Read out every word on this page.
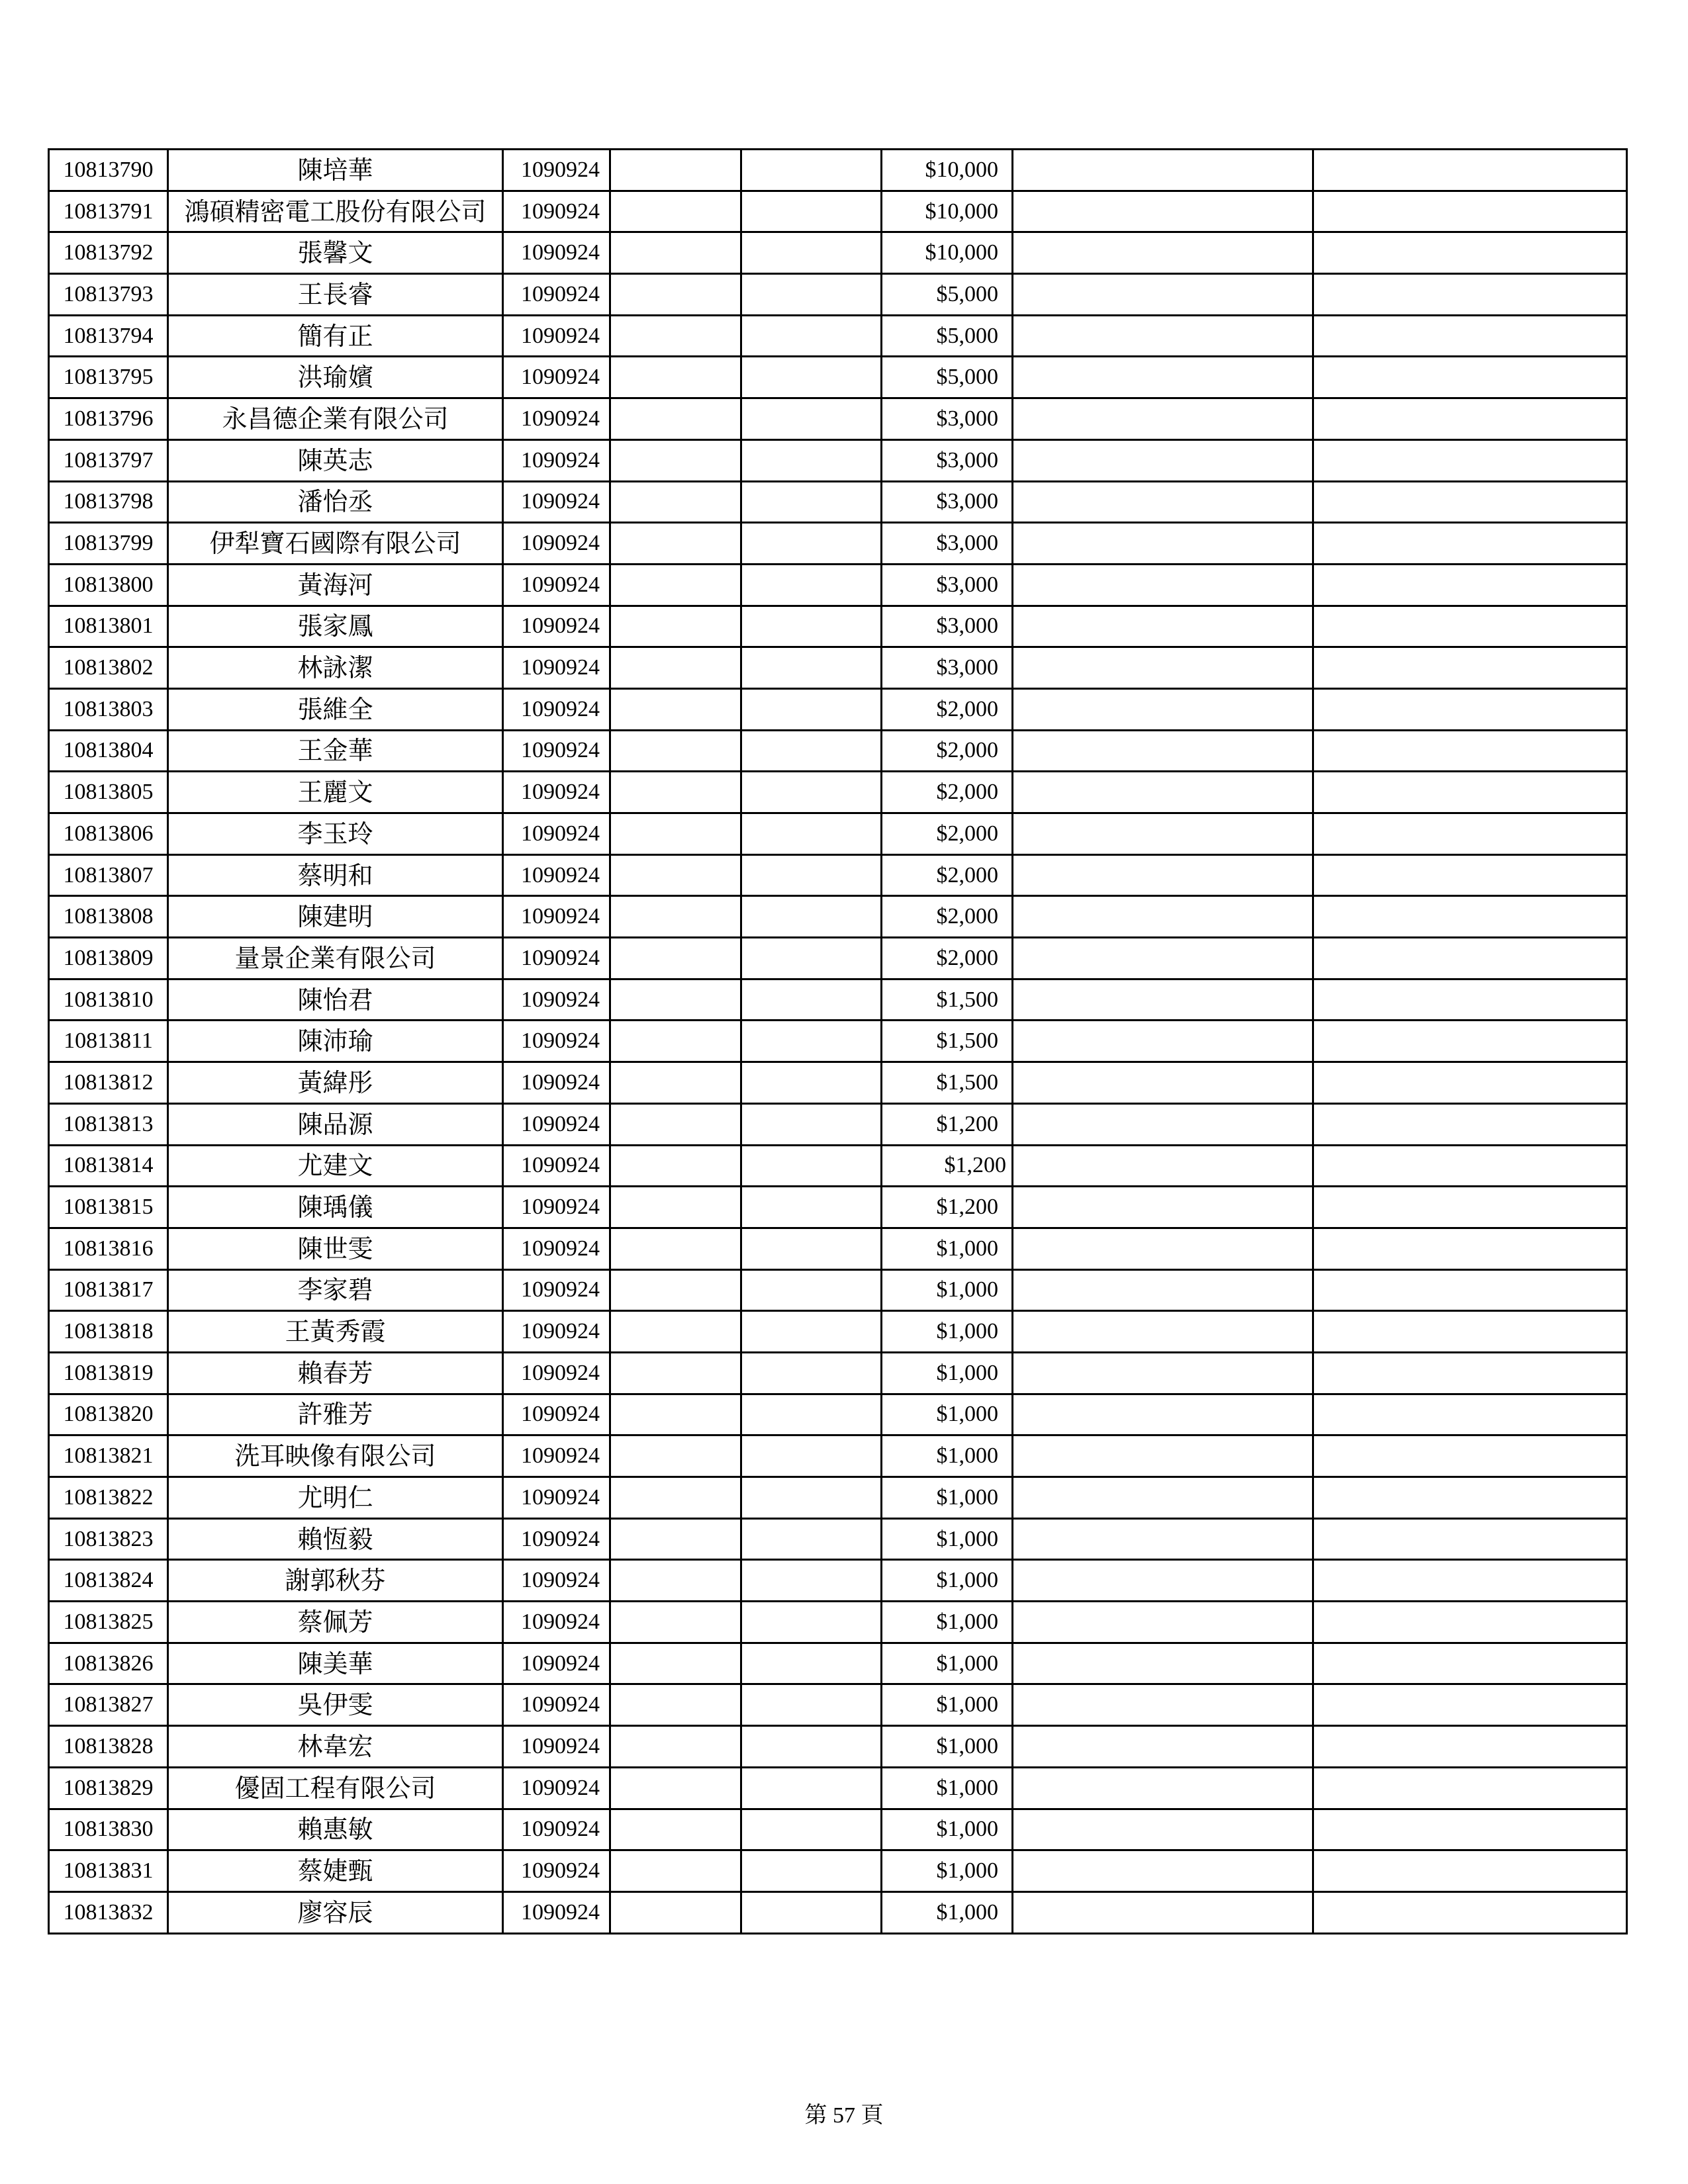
10813790	陳培華	1090924			$10,000		
10813791	鴻碩精密電工股份有限公司	1090924			$10,000		
10813792	張馨文	1090924			$10,000		
10813793	王長睿	1090924			$5,000		
10813794	簡有正	1090924			$5,000		
10813795	洪瑜嬪	1090924			$5,000		
10813796	永昌德企業有限公司	1090924			$3,000		
10813797	陳英志	1090924			$3,000		
10813798	潘怡丞	1090924			$3,000		
10813799	伊犁寶石國際有限公司	1090924			$3,000		
10813800	黃海河	1090924			$3,000		
10813801	張家鳳	1090924			$3,000		
10813802	林詠潔	1090924			$3,000		
10813803	張維全	1090924			$2,000		
10813804	王金華	1090924			$2,000		
10813805	王麗文	1090924			$2,000		
10813806	李玉玲	1090924			$2,000		
10813807	蔡明和	1090924			$2,000		
10813808	陳建明	1090924			$2,000		
10813809	量景企業有限公司	1090924			$2,000		
10813810	陳怡君	1090924			$1,500		
10813811	陳沛瑜	1090924			$1,500		
10813812	黃緯彤	1090924			$1,500		
10813813	陳品源	1090924			$1,200		
10813814	尤建文	1090924			$1,200		
10813815	陳瑀儀	1090924			$1,200		
10813816	陳世雯	1090924			$1,000		
10813817	李家碧	1090924			$1,000		
10813818	王黃秀霞	1090924			$1,000		
10813819	賴春芳	1090924			$1,000		
10813820	許雅芳	1090924			$1,000		
10813821	洗耳映像有限公司	1090924			$1,000		
10813822	尤明仁	1090924			$1,000		
10813823	賴恆毅	1090924			$1,000		
10813824	謝郭秋芬	1090924			$1,000		
10813825	蔡佩芳	1090924			$1,000		
10813826	陳美華	1090924			$1,000		
10813827	吳伊雯	1090924			$1,000		
10813828	林韋宏	1090924			$1,000		
10813829	優固工程有限公司	1090924			$1,000		
10813830	賴惠敏	1090924			$1,000		
10813831	蔡婕甄	1090924			$1,000		
10813832	廖容辰	1090924			$1,000		
第 57 頁
